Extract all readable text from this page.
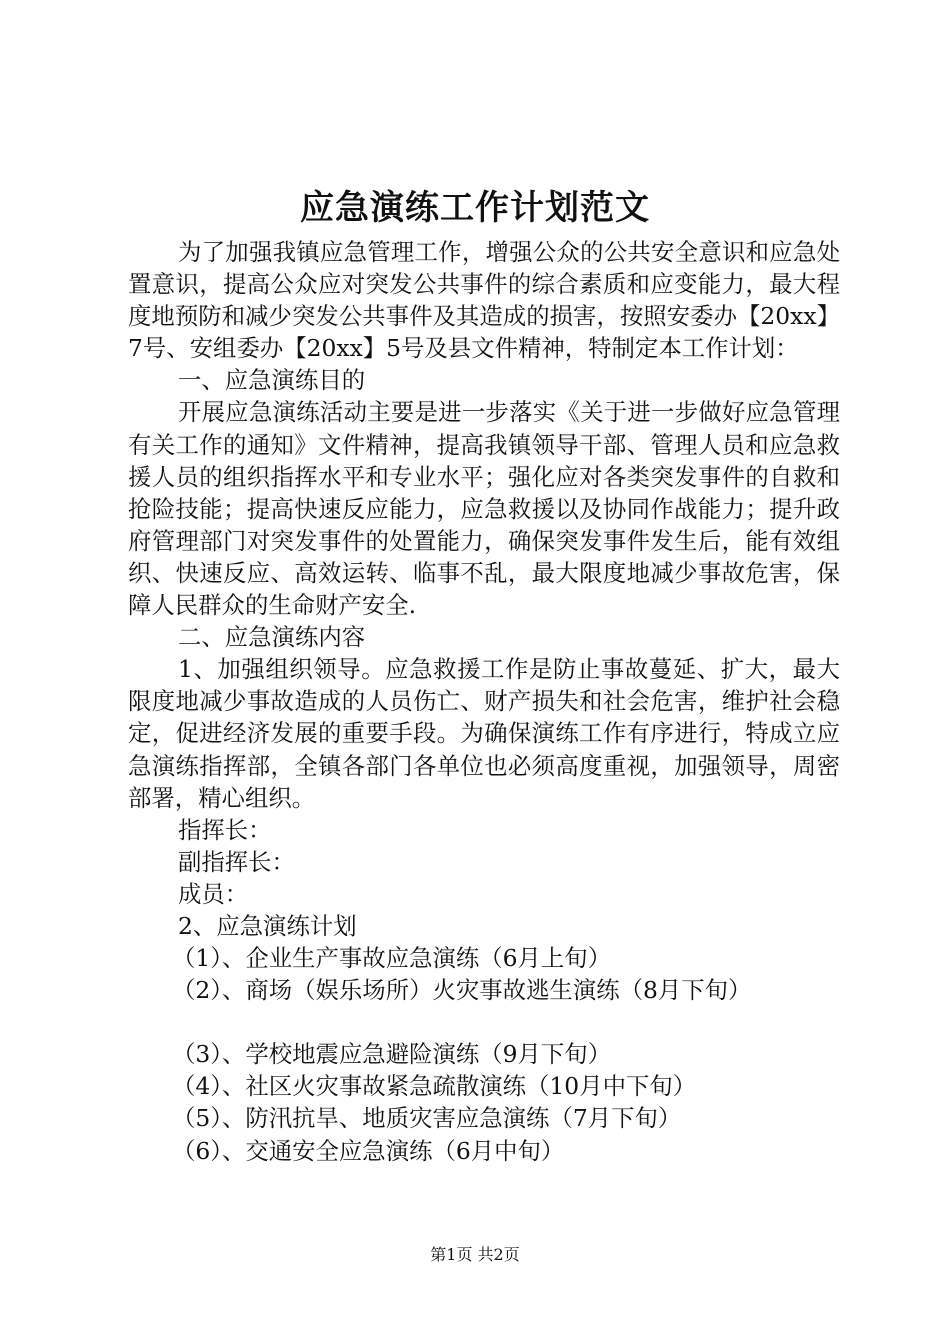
应急演练工作计划范文

为了加强我镇应急管理工作，增强公众的公共安全意识和应急处置意识，提高公众应对突发公共事件的综合素质和应变能力，最大程度地预防和减少突发公共事件及其造成的损害，按照安委办【20xx】7号、安组委办【20xx】5号及县文件精神，特制定本工作计划：

一、应急演练目的

开展应急演练活动主要是进一步落实《关于进一步做好应急管理有关工作的通知》文件精神，提高我镇领导干部、管理人员和应急救援人员的组织指挥水平和专业水平；强化应对各类突发事件的自救和抢险技能；提高快速反应能力，应急救援以及协同作战能力；提升政府管理部门对突发事件的处置能力，确保突发事件发生后，能有效组织、快速反应、高效运转、临事不乱，最大限度地减少事故危害，保障人民群众的生命财产安全.

二、应急演练内容

1、加强组织领导。应急救援工作是防止事故蔓延、扩大，最大限度地减少事故造成的人员伤亡、财产损失和社会危害，维护社会稳定，促进经济发展的重要手段。为确保演练工作有序进行，特成立应急演练指挥部，全镇各部门各单位也必须高度重视，加强领导，周密部署，精心组织。

指挥长：

副指挥长：

成员：

2、应急演练计划

（1）、企业生产事故应急演练（6月上旬）

（2）、商场（娱乐场所）火灾事故逃生演练（8月下旬）

（3）、学校地震应急避险演练（9月下旬）

（4）、社区火灾事故紧急疏散演练（10月中下旬）

（5）、防汛抗旱、地质灾害应急演练（7月下旬）

（6）、交通安全应急演练（6月中旬）

第1页 共2页
